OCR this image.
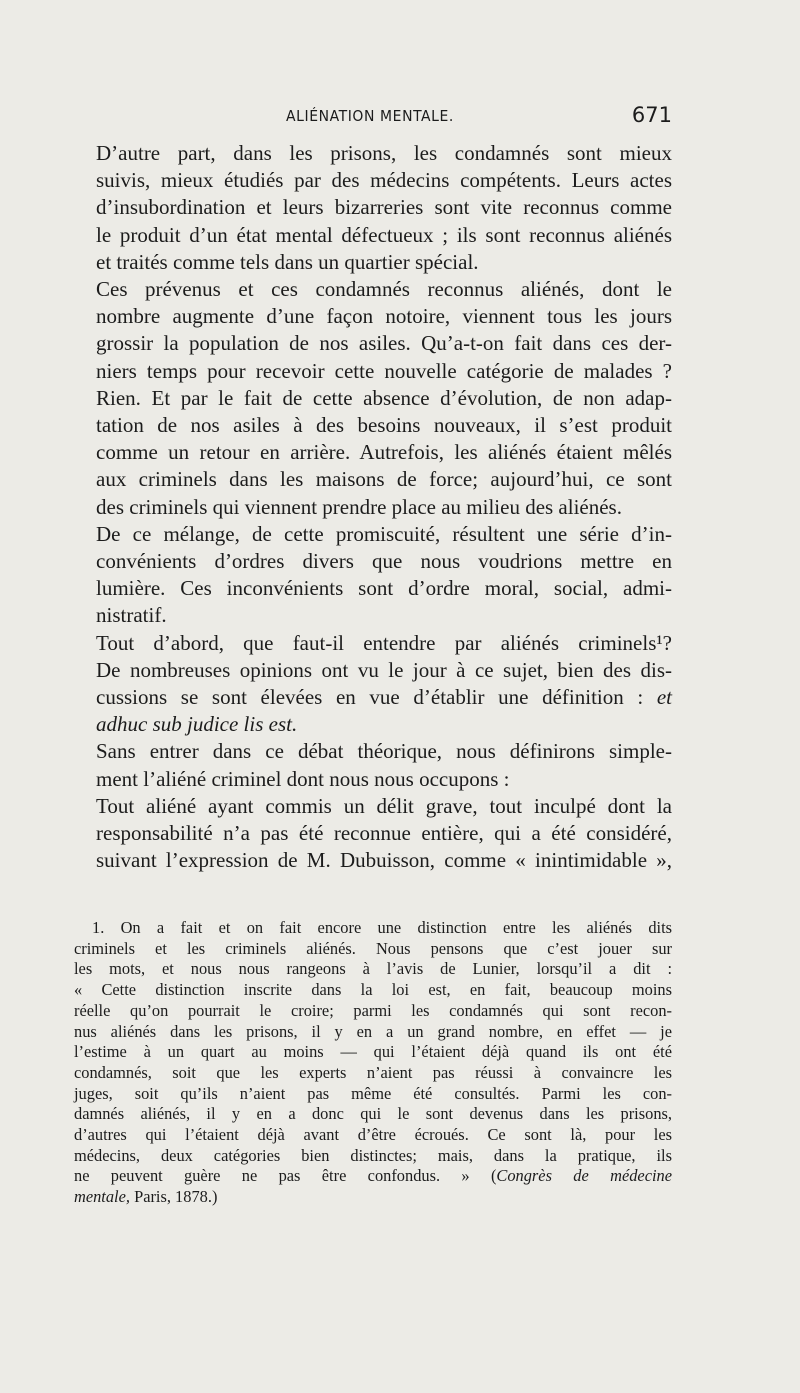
ALIÉNATION MENTALE.	671

D’autre part, dans les prisons, les condamnés sont mieux
suivis, mieux étudiés par des médecins compétents. Leurs actes
d’insubordination et leurs bizarreries sont vite reconnus comme
le produit d’un état mental défectueux ; ils sont reconnus aliénés
et traités comme tels dans un quartier spécial.

Ces prévenus et ces condamnés reconnus aliénés, dont le
nombre augmente d’une façon notoire, viennent tous les jours
grossir la population de nos asiles. Qu’a-t-on fait dans ces der-
niers temps pour recevoir cette nouvelle catégorie de malades ?
Rien. Et par le fait de cette absence d’évolution, de non adap-
tation de nos asiles à des besoins nouveaux, il s’est produit
comme un retour en arrière. Autrefois, les aliénés étaient mêlés
aux criminels dans les maisons de force; aujourd’hui, ce sont
des criminels qui viennent prendre place au milieu des aliénés.

De ce mélange, de cette promiscuité, résultent une série d’in-
convénients d’ordres divers que nous voudrions mettre en
lumière. Ces inconvénients sont d’ordre moral, social, admi-
nistratif.

Tout d’abord, que faut-il entendre par aliénés criminels¹?
De nombreuses opinions ont vu le jour à ce sujet, bien des dis-
cussions se sont élevées en vue d’établir une définition : et
adhuc sub judice lis est.

Sans entrer dans ce débat théorique, nous définirons simple-
ment l’aliéné criminel dont nous nous occupons :

Tout aliéné ayant commis un délit grave, tout inculpé dont la
responsabilité n’a pas été reconnue entière, qui a été considéré,
suivant l’expression de M. Dubuisson, comme « inintimidable »,

1. On a fait et on fait encore une distinction entre les aliénés dits
criminels et les criminels aliénés. Nous pensons que c’est jouer sur
les mots, et nous nous rangeons à l’avis de Lunier, lorsqu’il a dit :
« Cette distinction inscrite dans la loi est, en fait, beaucoup moins
réelle qu’on pourrait le croire; parmi les condamnés qui sont recon-
nus aliénés dans les prisons, il y en a un grand nombre, en effet — je
l’estime à un quart au moins — qui l’étaient déjà quand ils ont été
condamnés, soit que les experts n’aient pas réussi à convaincre les
juges, soit qu’ils n’aient pas même été consultés. Parmi les con-
damnés aliénés, il y en a donc qui le sont devenus dans les prisons,
d’autres qui l’étaient déjà avant d’être écroués. Ce sont là, pour les
médecins, deux catégories bien distinctes; mais, dans la pratique, ils
ne peuvent guère ne pas être confondus. » (Congrès de médecine
mentale, Paris, 1878.)
